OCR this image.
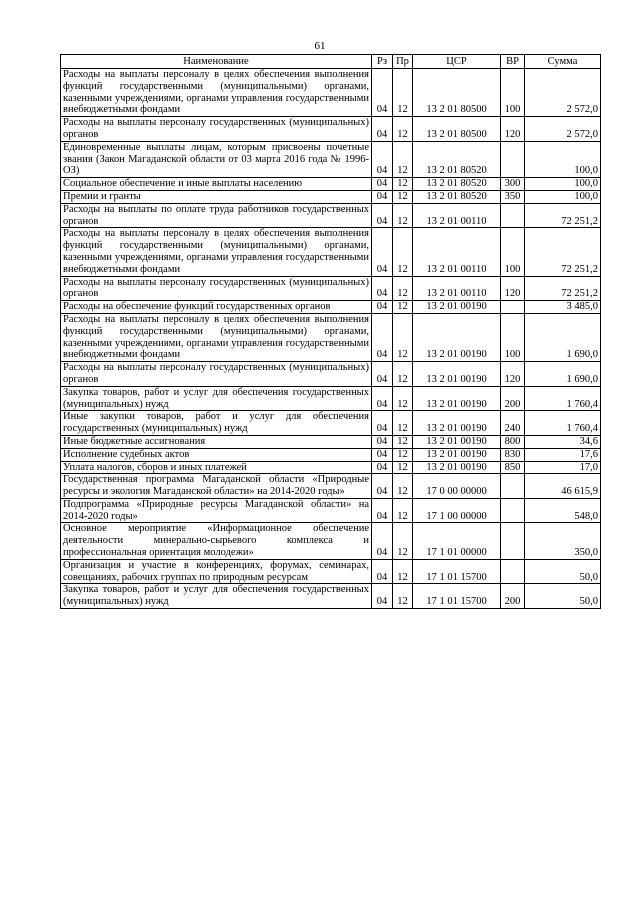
61
Наименование	Рз	Пр	ЦСР	ВР	Сумма
Расходы на выплаты персоналу в целях обеспечения выполнения функций государственными (муниципальными) органами, казенными учреждениями, органами управления государственными внебюджетными фондами	04	12	13 2 01 80500	100	2 572,0
Расходы на выплаты персоналу государственных (муниципальных) органов	04	12	13 2 01 80500	120	2 572,0
Единовременные выплаты лицам, которым присвоены почетные звания (Закон Магаданской области от 03 марта 2016 года № 1996-ОЗ)	04	12	13 2 01 80520		100,0
Социальное обеспечение и иные выплаты населению	04	12	13 2 01 80520	300	100,0
Премии и гранты	04	12	13 2 01 80520	350	100,0
Расходы на выплаты по оплате труда работников государственных органов	04	12	13 2 01 00110		72 251,2
Расходы на выплаты персоналу в целях обеспечения выполнения функций государственными (муниципальными) органами, казенными учреждениями, органами управления государственными внебюджетными фондами	04	12	13 2 01 00110	100	72 251,2
Расходы на выплаты персоналу государственных (муниципальных) органов	04	12	13 2 01 00110	120	72 251,2
Расходы на обеспечение функций государственных органов	04	12	13 2 01 00190		3 485,0
Расходы на выплаты персоналу в целях обеспечения выполнения функций государственными (муниципальными) органами, казенными учреждениями, органами управления государственными внебюджетными фондами	04	12	13 2 01 00190	100	1 690,0
Расходы на выплаты персоналу государственных (муниципальных) органов	04	12	13 2 01 00190	120	1 690,0
Закупка товаров, работ и услуг для обеспечения государственных (муниципальных) нужд	04	12	13 2 01 00190	200	1 760,4
Иные закупки товаров, работ и услуг для обеспечения государственных (муниципальных) нужд	04	12	13 2 01 00190	240	1 760,4
Иные бюджетные ассигнования	04	12	13 2 01 00190	800	34,6
Исполнение судебных актов	04	12	13 2 01 00190	830	17,6
Уплата налогов, сборов и иных платежей	04	12	13 2 01 00190	850	17,0
Государственная программа Магаданской области «Природные ресурсы и экология Магаданской области» на 2014-2020 годы»	04	12	17 0 00 00000		46 615,9
Подпрограмма «Природные ресурсы Магаданской области» на 2014-2020 годы»	04	12	17 1 00 00000		548,0
Основное мероприятие «Информационное обеспечение деятельности минерально-сырьевого комплекса и профессиональная ориентация молодежи»	04	12	17 1 01 00000		350,0
Организация и участие в конференциях, форумах, семинарах, совещаниях, рабочих группах по природным ресурсам	04	12	17 1 01 15700		50,0
Закупка товаров, работ и услуг для обеспечения государственных (муниципальных) нужд	04	12	17 1 01 15700	200	50,0
